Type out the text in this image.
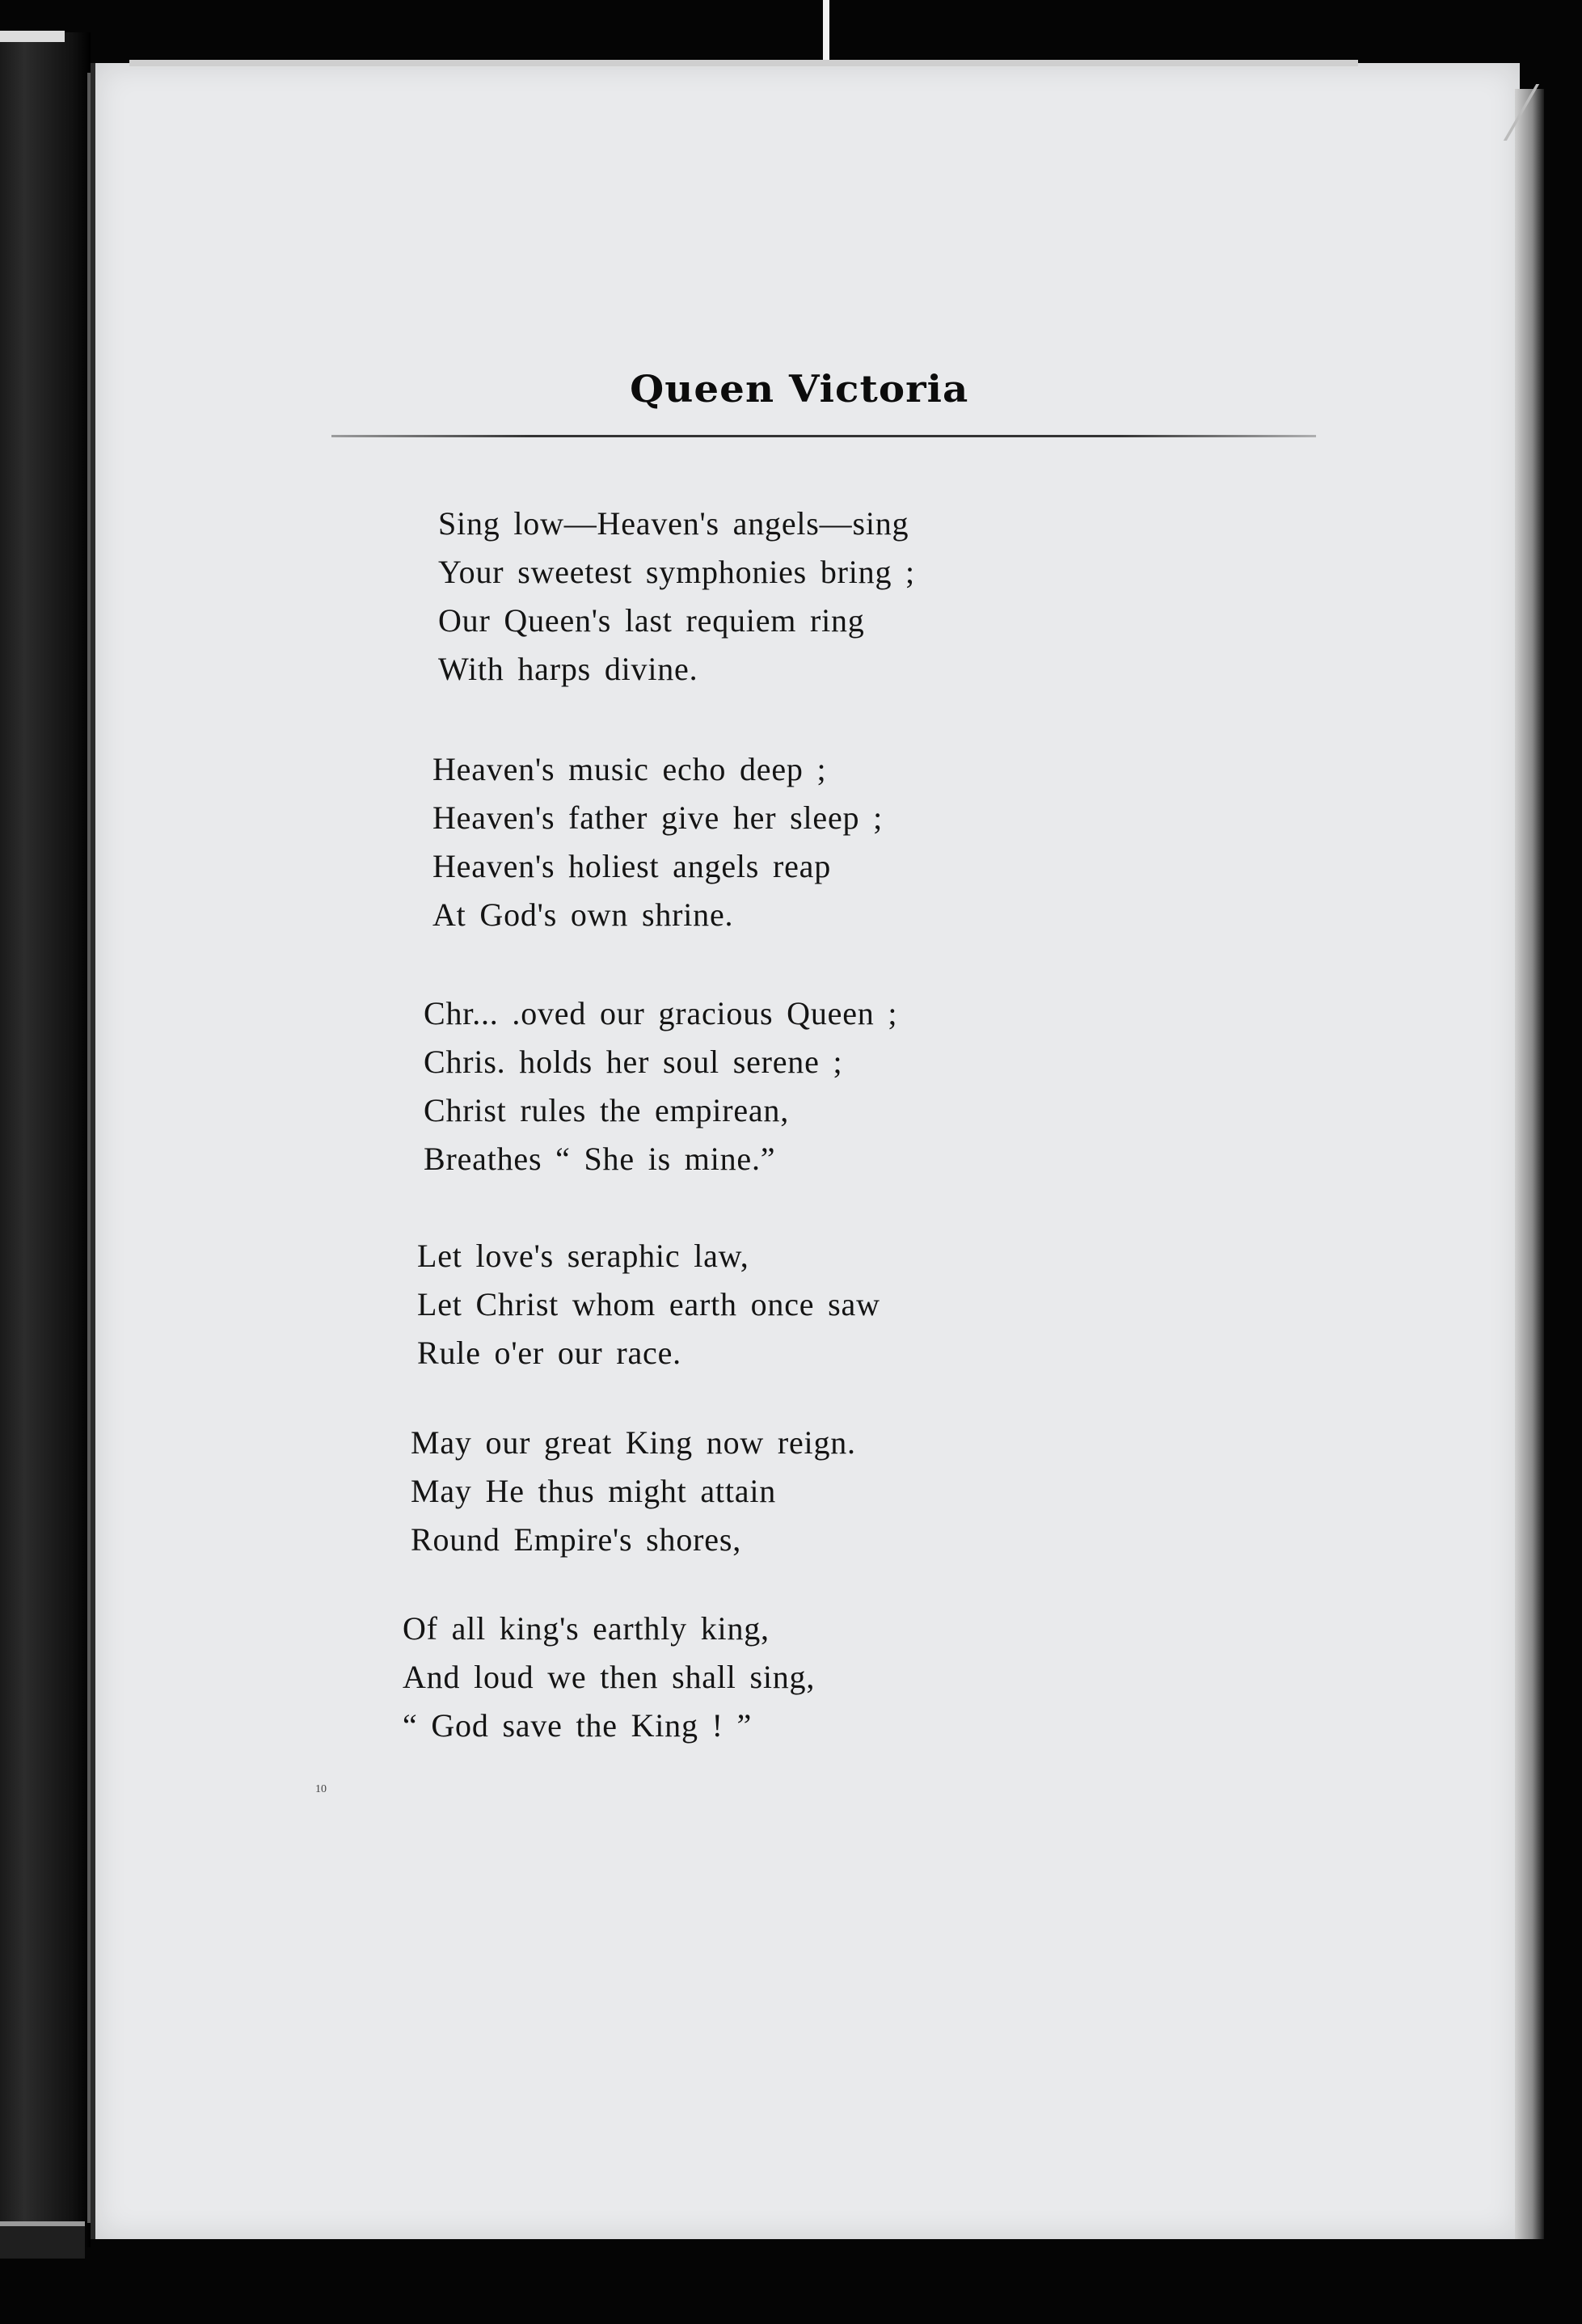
Queen Victoria
Sing low—Heaven's angels—sing
Your sweetest symphonies bring ;
Our Queen's last requiem ring
With harps divine.
Heaven's music echo deep ;
Heaven's father give her sleep ;
Heaven's holiest angels reap
At God's own shrine.
Chr... .oved our gracious Queen ;
Chris. holds her soul serene ;
Christ rules the empirean,
Breathes “ She is mine.”
Let love's seraphic law,
Let Christ whom earth once saw
Rule o'er our race.
May our great King now reign.
May He thus might attain
Round Empire's shores,
Of all king's earthly king,
And loud we then shall sing,
“ God save the King ! ”
10
